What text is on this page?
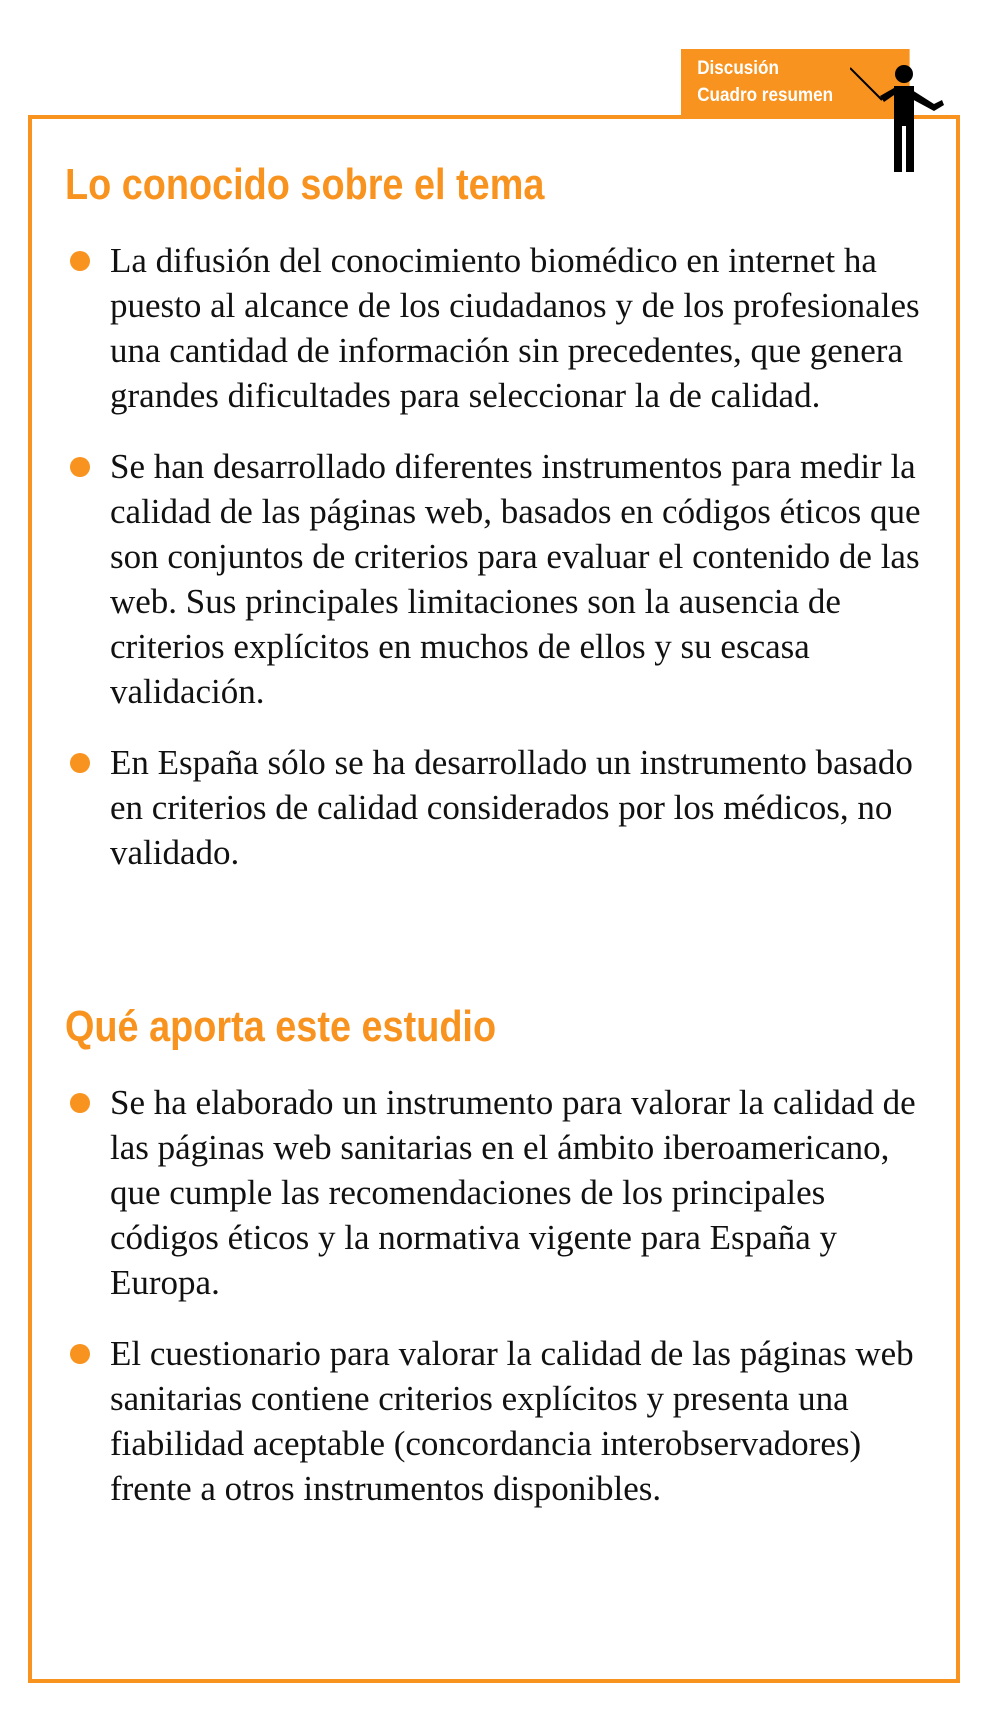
Discusión
Cuadro resumen
Lo conocido sobre el tema
La difusión del conocimiento biomédico en internet ha puesto al alcance de los ciudadanos y de los profesionales una cantidad de información sin precedentes, que genera grandes dificultades para seleccionar la de calidad.
Se han desarrollado diferentes instrumentos para medir la calidad de las páginas web, basados en códigos éticos que son conjuntos de criterios para evaluar el contenido de las web. Sus principales limitaciones son la ausencia de criterios explícitos en muchos de ellos y su escasa validación.
En España sólo se ha desarrollado un instrumento basado en criterios de calidad considerados por los médicos, no validado.
Qué aporta este estudio
Se ha elaborado un instrumento para valorar la calidad de las páginas web sanitarias en el ámbito iberoamericano, que cumple las recomendaciones de los principales códigos éticos y la normativa vigente para España y Europa.
El cuestionario para valorar la calidad de las páginas web sanitarias contiene criterios explícitos y presenta una fiabilidad aceptable (concordancia interobservadores) frente a otros instrumentos disponibles.
